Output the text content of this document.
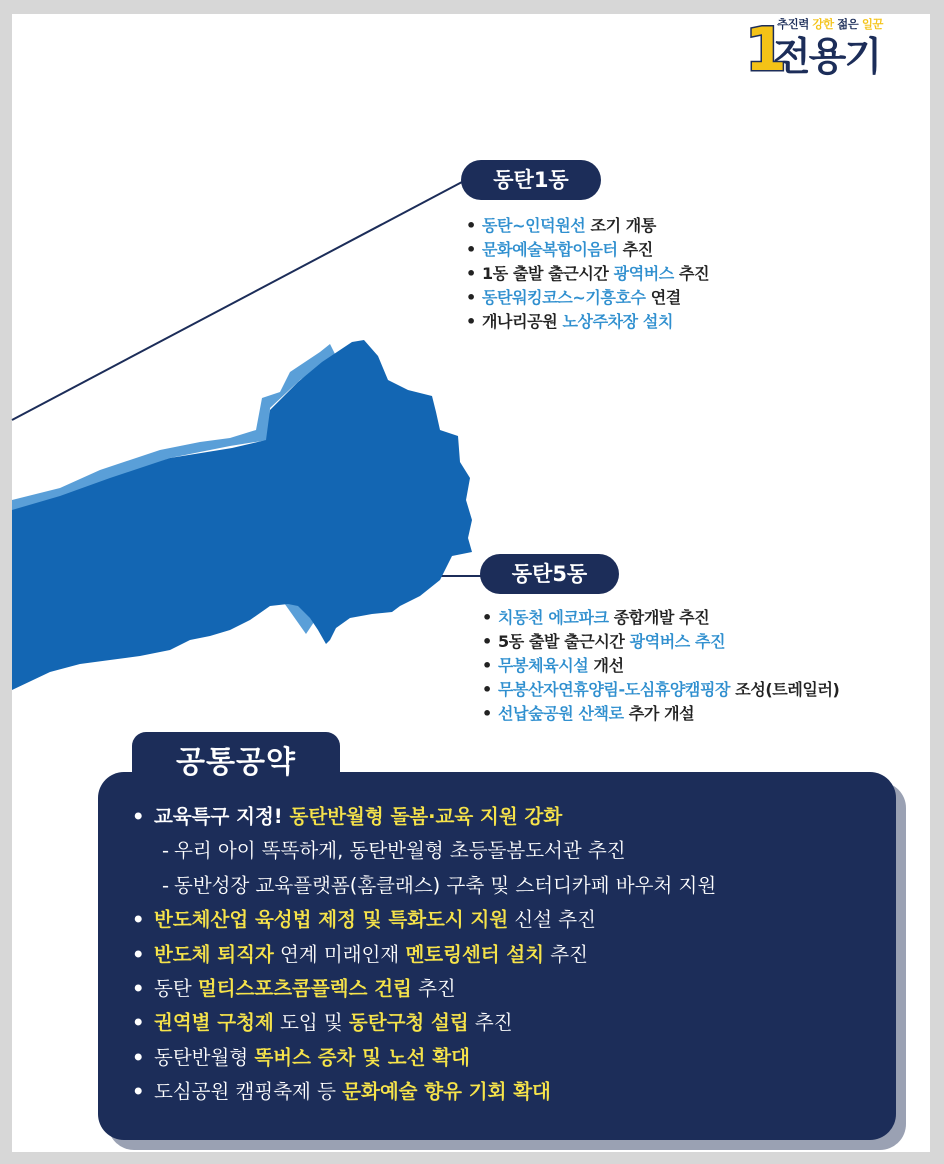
추진력 강한 젊은 일꾼
1
전용기
동탄1동
• 동탄~인덕원선 조기 개통
• 문화예술복합이음터 추진
• 1동 출발 출근시간 광역버스 추진
• 동탄워킹코스~기흥호수 연결
• 개나리공원 노상주차장 설치
동탄5동
• 치동천 에코파크 종합개발 추진
• 5동 출발 출근시간 광역버스 추진
• 무봉체육시설 개선
• 무봉산자연휴양림-도심휴양캠핑장 조성(트레일러)
• 선납숲공원 산책로 추가 개설
공통공약
• 교육특구 지정! 동탄반월형 돌봄·교육 지원 강화
- 우리 아이 똑똑하게, 동탄반월형 초등돌봄도서관 추진
- 동반성장 교육플랫폼(홈클래스) 구축 및 스터디카페 바우처 지원
• 반도체산업 육성법 제정 및 특화도시 지원 신설 추진
• 반도체 퇴직자 연계 미래인재 멘토링센터 설치 추진
• 동탄 멀티스포츠콤플렉스 건립 추진
• 권역별 구청제 도입 및 동탄구청 설립 추진
• 동탄반월형 똑버스 증차 및 노선 확대
• 도심공원 캠핑축제 등 문화예술 향유 기회 확대
